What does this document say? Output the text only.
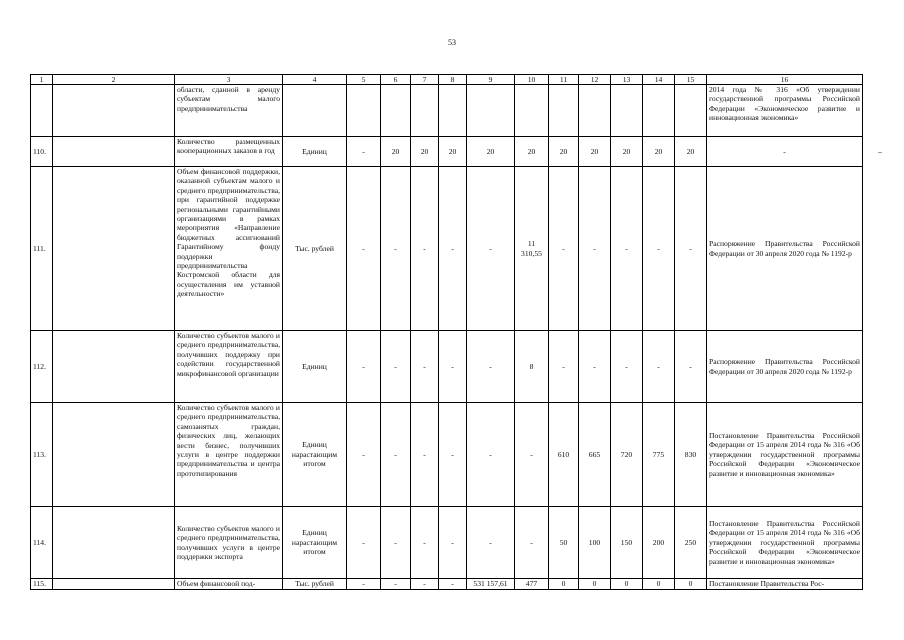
53
1	2	3	4	5	6	7	8	9	10	11	12	13	14	15	16
		области, сданной в аренду субъектам малого предпринимательства													2014 года № 316 «Об утверждении государственной программы Российской Федерации «Экономическое развитие и инновационная экономика»
110.		Количество размещенных кооперационных заказов в год	Единиц	-	20	20	20	20	20	20	20	20	20	20	-
111.		Объем финансовой поддержки, оказанной субъектам малого и среднего предпринимательства, при гарантийной поддержке региональными гарантийными организациями в рамках мероприятия «Направление бюджетных ассигнований Гарантийному фонду поддержки предпринимательства Костромской области для осуществления им уставной деятельности»	Тыс. рублей	-	-	-	-	-	11 310,55	-	-	-	-	-	Распоряжение Правительства Российской Федерации от 30 апреля 2020 года № 1192-р
112.		Количество субъектов малого и среднего предпринимательства, получивших поддержку при содействии государственной микрофинансовой организации	Единиц	-	-	-	-	-	8	-	-	-	-	-	Распоряжение Правительства Российской Федерации от 30 апреля 2020 года № 1192-р
113.		Количество субъектов малого и среднего предпринимательства, самозанятых граждан, физических лиц, желающих вести бизнес, получивших услуги в центре поддержки предпринимательства и центра прототипирования	Единиц нарастающим итогом	-	-	-	-	-	-	610	665	720	775	830	Постановление Правительства Российской Федерации от 15 апреля 2014 года № 316 «Об утверждении государственной программы Российской Федерации «Экономическое развитие и инновационная экономика»
114.		Количество субъектов малого и среднего предпринимательства, получивших услуги в центре поддержки экспорта	Единиц нарастающим итогом	-	-	-	-	-	-	50	100	150	200	250	Постановление Правительства Российской Федерации от 15 апреля 2014 года № 316 «Об утверждении государственной программы Российской Федерации «Экономическое развитие и инновационная экономика»
115.		Объем финансовой под-	Тыс. рублей	-	-	-	-	531 157,61	477	0	0	0	0	0	Постановление Правительства Рос-
